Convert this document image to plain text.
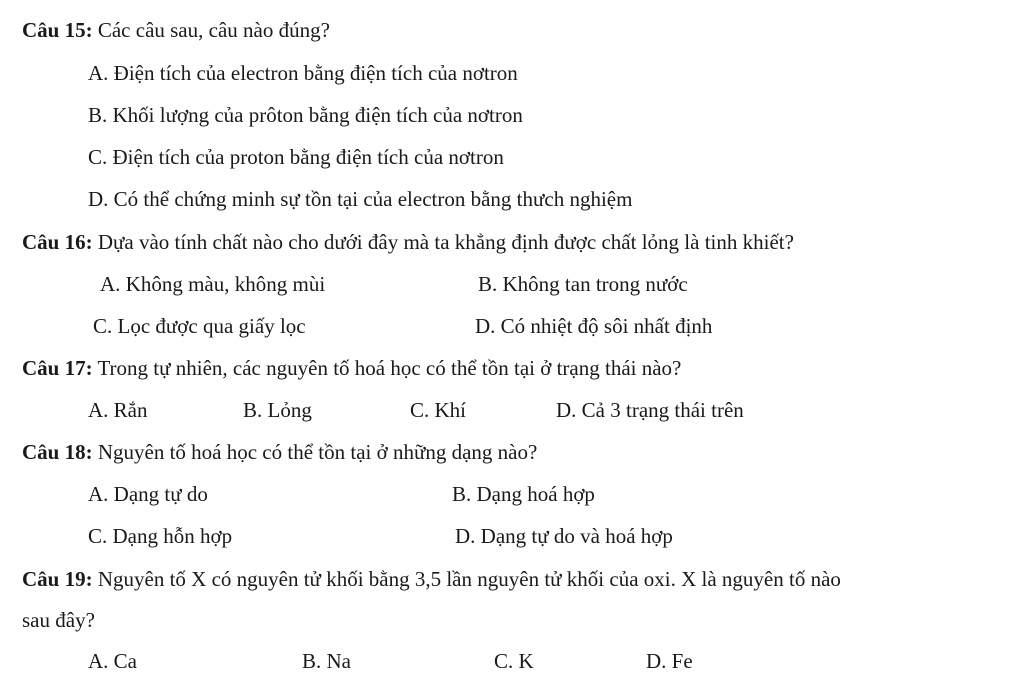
Câu 15: Các câu sau, câu nào đúng?
A. Điện tích của electron bằng điện tích của nơtron
B. Khối lượng của prôton bằng điện tích của nơtron
C. Điện tích của proton bằng điện tích của nơtron
D. Có thể chứng minh sự tồn tại của electron bằng thưch nghiệm
Câu 16: Dựa vào tính chất nào cho dưới đây mà ta khẳng định được chất lỏng là tinh khiết?
A. Không màu, không mùi	B. Không tan trong nước
C. Lọc được qua giấy lọc	D. Có nhiệt độ sôi nhất định
Câu 17: Trong tự nhiên, các nguyên tố hoá học có thể tồn tại ở trạng thái nào?
A. Rắn	B. Lỏng	C. Khí	D. Cả 3 trạng thái trên
Câu 18: Nguyên tố hoá học có thể tồn tại ở những dạng nào?
A. Dạng tự do	B. Dạng hoá hợp
C. Dạng hỗn hợp	D. Dạng tự do và hoá hợp
Câu 19: Nguyên tố X có nguyên tử khối bằng 3,5 lần nguyên tử khối của oxi. X là nguyên tố nào
sau đây?
A. Ca	B. Na	C. K	D. Fe
